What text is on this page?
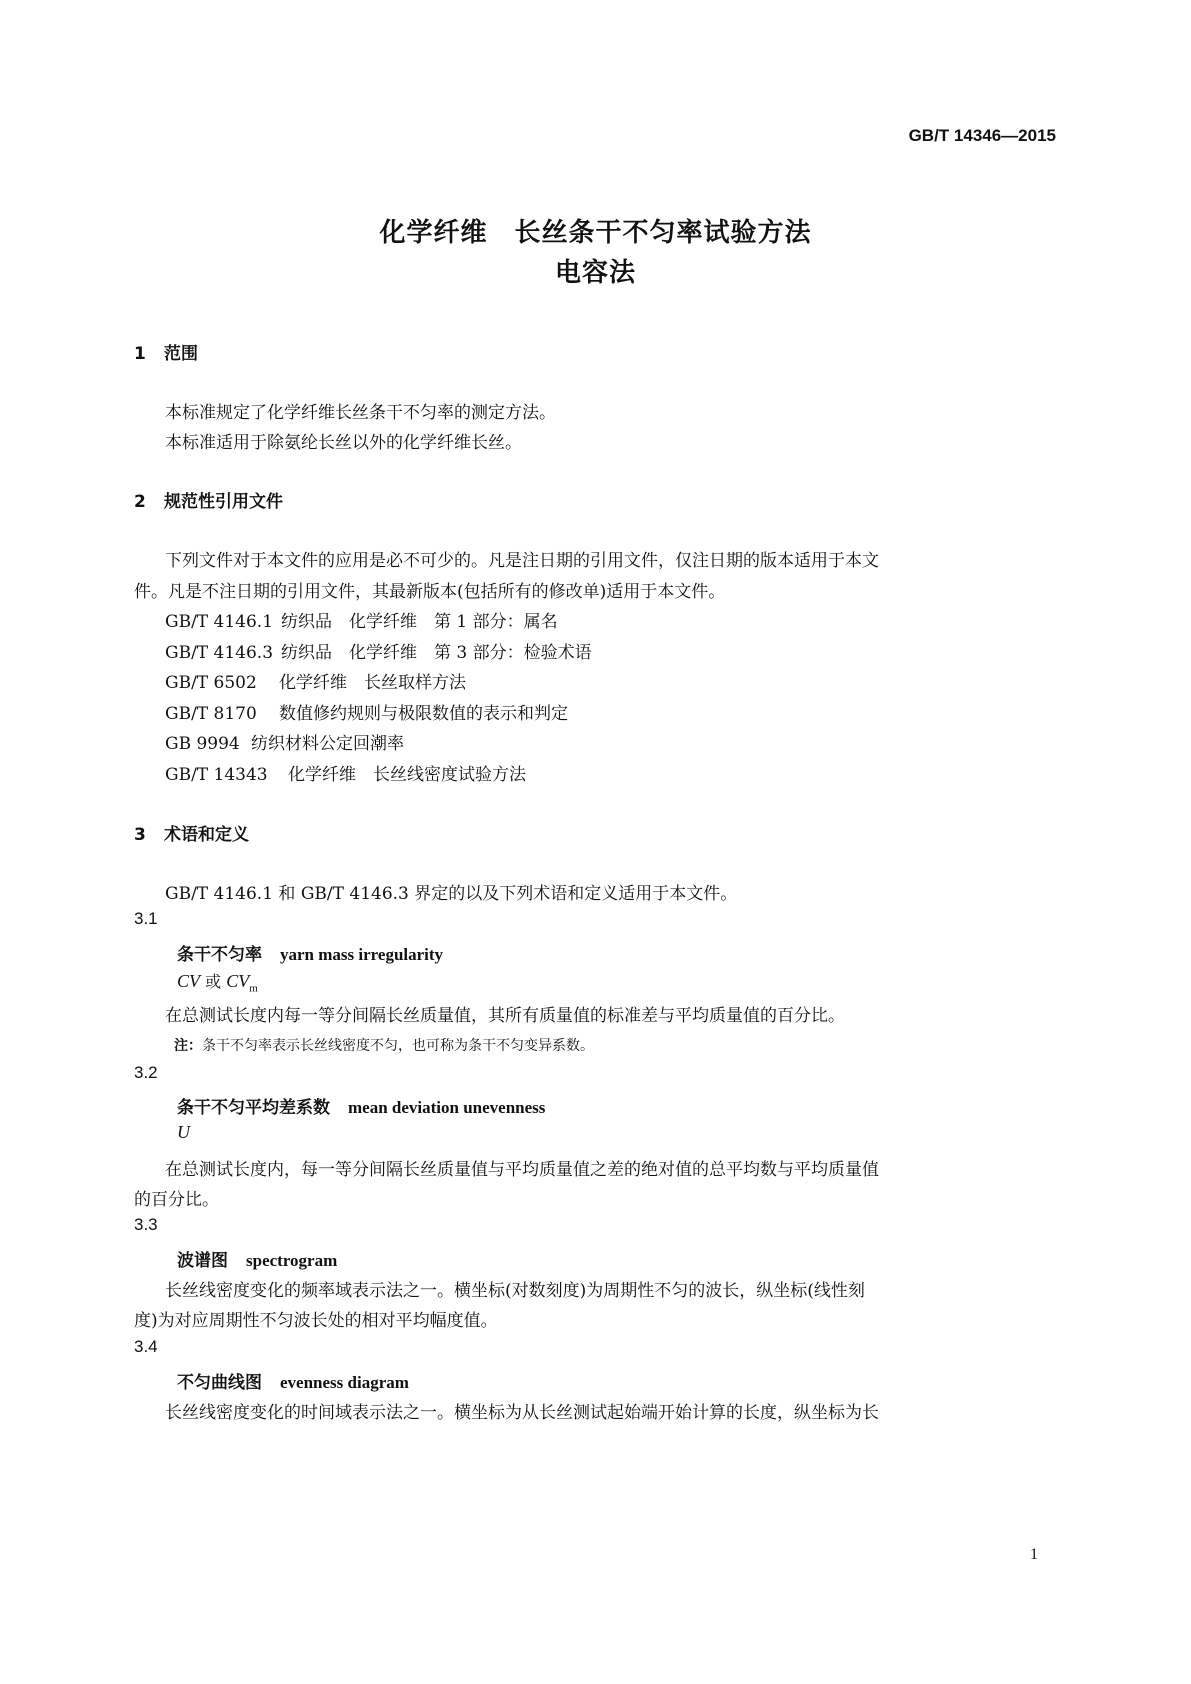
GB/T 14346—2015
化学纤维　长丝条干不匀率试验方法
电容法
1 范围
本标准规定了化学纤维长丝条干不匀率的测定方法。
本标准适用于除氨纶长丝以外的化学纤维长丝。
2 规范性引用文件
下列文件对于本文件的应用是必不可少的。凡是注日期的引用文件，仅注日期的版本适用于本文
件。凡是不注日期的引用文件，其最新版本(包括所有的修改单)适用于本文件。
GB/T 4146.1 纺织品　化学纤维　第 1 部分：属名
GB/T 4146.3 纺织品　化学纤维　第 3 部分：检验术语
GB/T 6502 化学纤维　长丝取样方法
GB/T 8170 数值修约规则与极限数值的表示和判定
GB 9994 纺织材料公定回潮率
GB/T 14343 化学纤维　长丝线密度试验方法
3 术语和定义
GB/T 4146.1 和 GB/T 4146.3 界定的以及下列术语和定义适用于本文件。
3.1
条干不匀率 yarn mass irregularity
CV 或 $CV_m$
在总测试长度内每一等分间隔长丝质量值，其所有质量值的标准差与平均质量值的百分比。
注：条干不匀率表示长丝线密度不匀，也可称为条干不匀变异系数。
3.2
条干不匀平均差系数 mean deviation unevenness
U
在总测试长度内，每一等分间隔长丝质量值与平均质量值之差的绝对值的总平均数与平均质量值
的百分比。
3.3
波谱图 spectrogram
长丝线密度变化的频率域表示法之一。横坐标(对数刻度)为周期性不匀的波长，纵坐标(线性刻
度)为对应周期性不匀波长处的相对平均幅度值。
3.4
不匀曲线图 evenness diagram
长丝线密度变化的时间域表示法之一。横坐标为从长丝测试起始端开始计算的长度，纵坐标为长
1
